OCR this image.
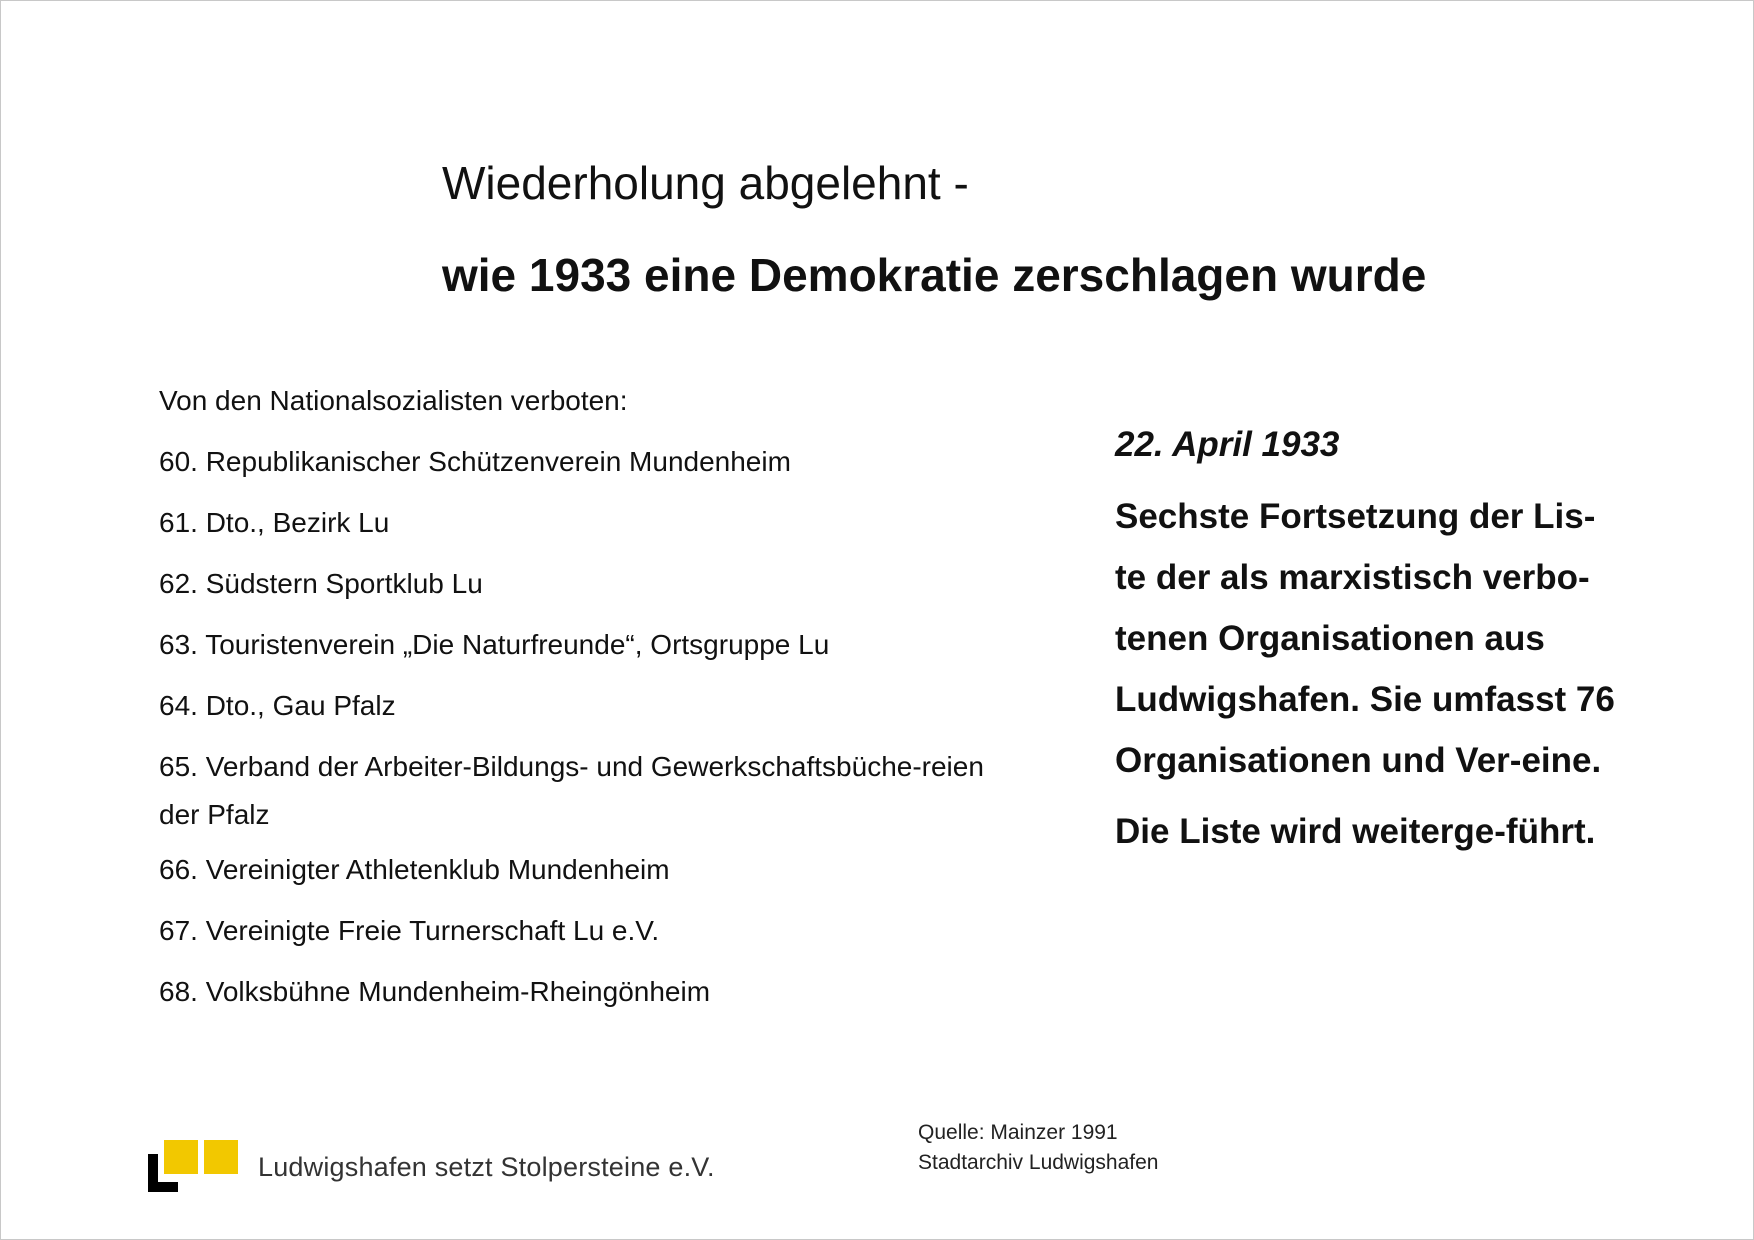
Wiederholung abgelehnt -
wie 1933 eine Demokratie zerschlagen wurde
Von den Nationalsozialisten verboten:
60. Republikanischer Schützenverein Mundenheim
61. Dto., Bezirk Lu
62. Südstern Sportklub Lu
63. Touristenverein „Die Naturfreunde“, Ortsgruppe Lu
64. Dto., Gau Pfalz
65. Verband der Arbeiter-Bildungs- und Gewerkschaftsbüche-reien der Pfalz
66. Vereinigter Athletenklub Mundenheim
67. Vereinigte Freie Turnerschaft Lu e.V.
68. Volksbühne Mundenheim-Rheingönheim
22. April 1933

Sechste Fortsetzung der Lis-te der als marxistisch verbo-tenen Organisationen aus Ludwigshafen. Sie umfasst 76 Organisationen und Ver-eine.

Die Liste wird weiterge-führt.

Ludwigshafen setzt Stolpersteine e.V.
Quelle: Mainzer 1991
Stadtarchiv Ludwigshafen
